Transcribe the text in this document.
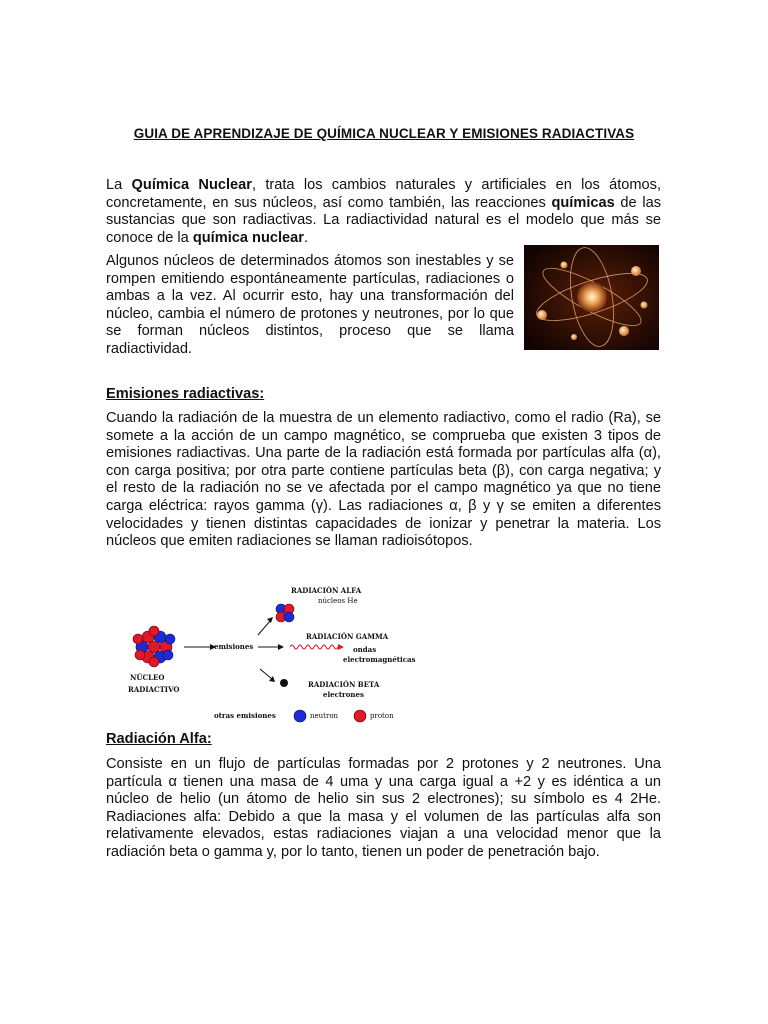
GUIA DE APRENDIZAJE DE QUÍMICA NUCLEAR Y EMISIONES RADIACTIVAS
La Química Nuclear, trata los cambios naturales y artificiales en los átomos, concretamente, en sus núcleos, así como también, las reacciones químicas de las sustancias que son radiactivas. La radiactividad natural es el modelo que más se conoce de la química nuclear.
Algunos núcleos de determinados átomos son inestables y se rompen emitiendo espontáneamente partículas, radiaciones o ambas a la vez. Al ocurrir esto, hay una transformación del núcleo, cambia el número de protones y neutrones, por lo que se forman núcleos distintos, proceso que se llama radiactividad.
Emisiones radiactivas:
Cuando la radiación de la muestra de un elemento radiactivo, como el radio (Ra), se somete a la acción de un campo magnético, se comprueba que existen 3 tipos de emisiones radiactivas. Una parte de la radiación está formada por partículas alfa (α), con carga positiva; por otra parte contiene partículas beta (β), con carga negativa; y el resto de la radiación no se ve afectada por el campo magnético ya que no tiene carga eléctrica: rayos gamma (γ). Las radiaciones α, β y γ se emiten a diferentes velocidades y tienen distintas capacidades de ionizar y penetrar la materia. Los núcleos que emiten radiaciones se llaman radioisótopos.
RADIACIÓN ALFA
núcleos He
RADIACIÓN GAMMA
ondas
electromagnéticas
RADIACIÓN BETA
electrones
emisiones
NÚCLEO
RADIACTIVO
otras emisiones	neutron	proton
Radiación Alfa:
Consiste en un flujo de partículas formadas por 2 protones y 2 neutrones. Una partícula α tienen una masa de 4 uma y una carga igual a +2 y es idéntica a un núcleo de helio (un átomo de helio sin sus 2 electrones); su símbolo es 4 2He. Radiaciones alfa: Debido a que la masa y el volumen de las partículas alfa son relativamente elevados, estas radiaciones viajan a una velocidad menor que la radiación beta o gamma y, por lo tanto, tienen un poder de penetración bajo.
